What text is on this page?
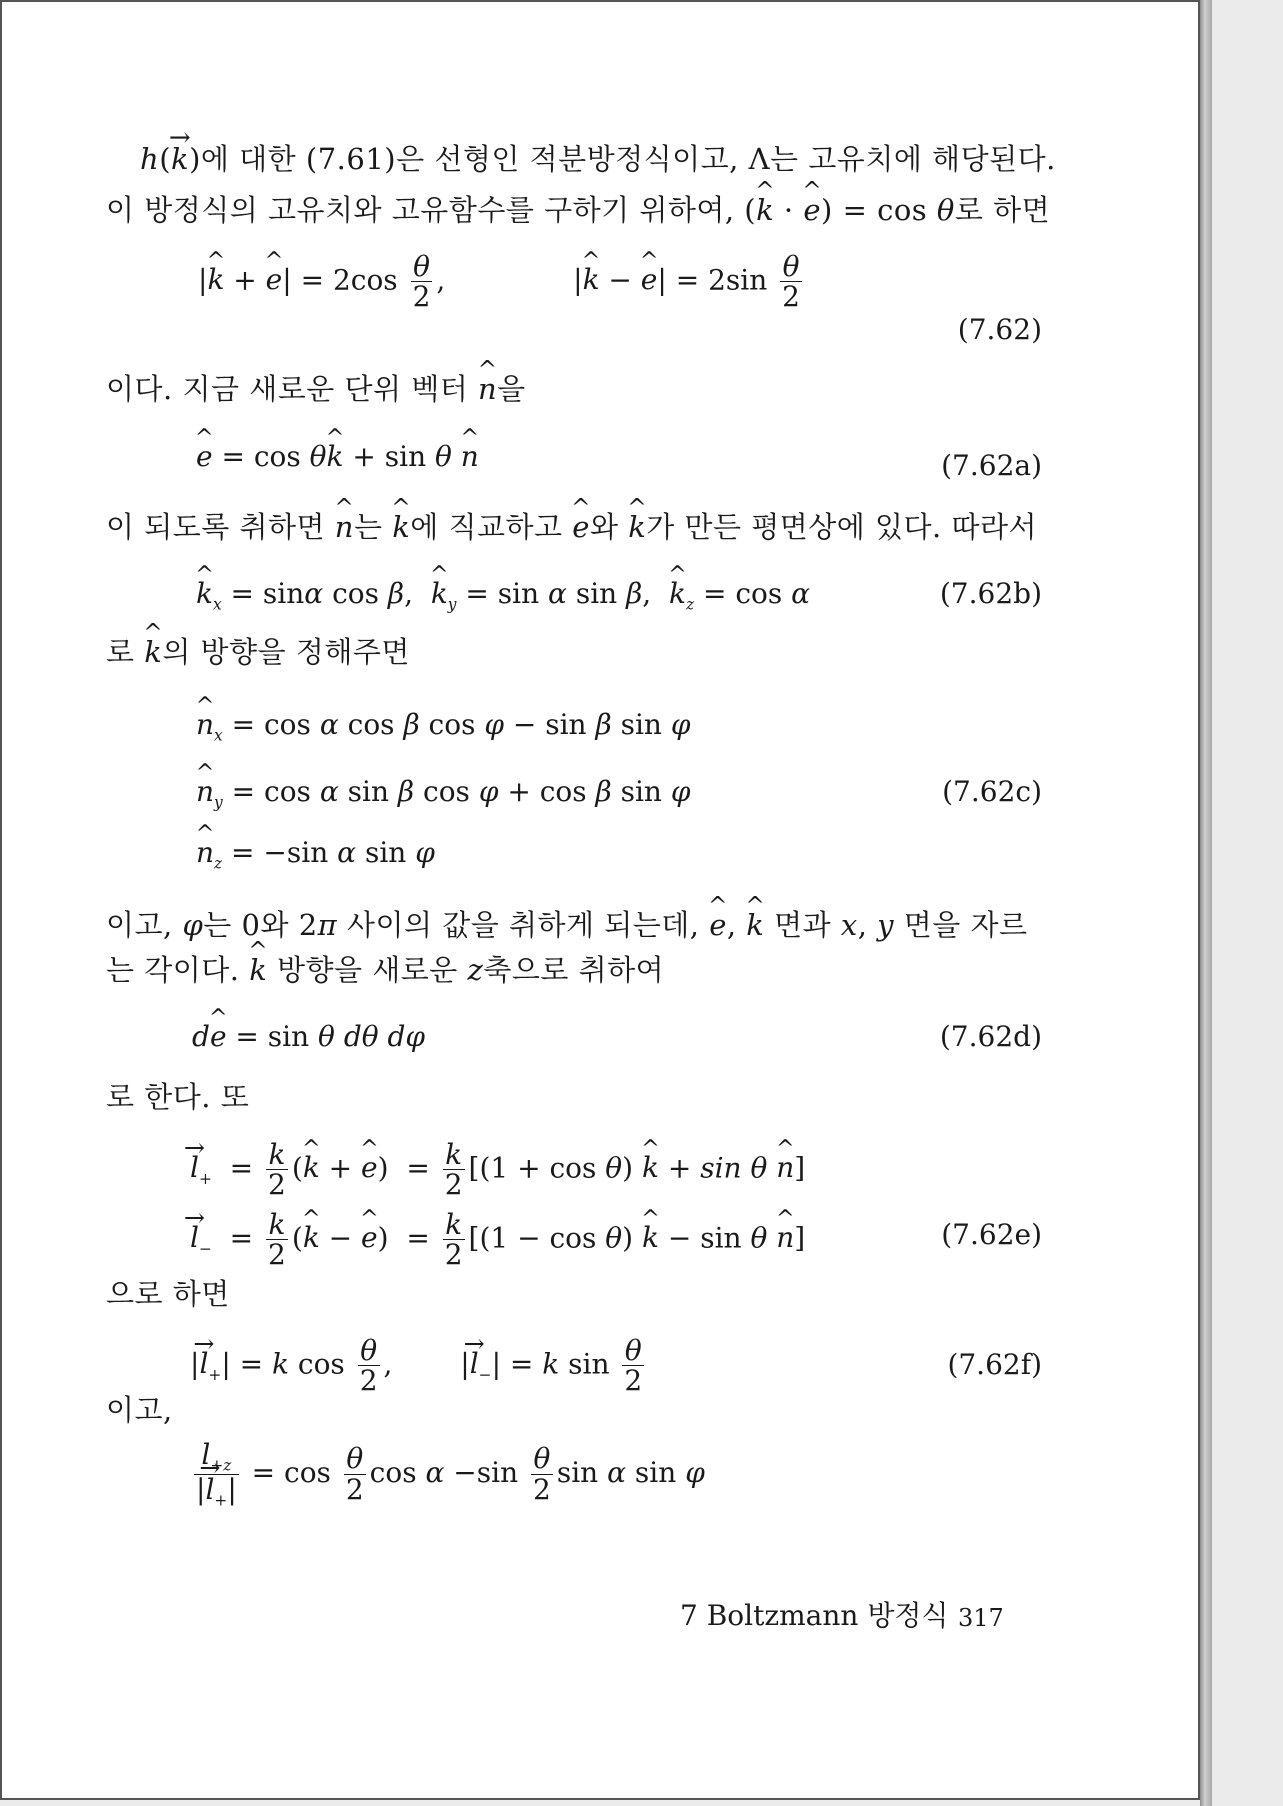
h(→ k)에 대한 (7.61)은 선형인 적분방정식이고, Λ는 고유치에 해당된다.
이 방정식의 고유치와 고유함수를 구하기 위하여, (^ k · ^ e) = cos θ로 하면
|^ k + ^ $e| = 2\cos \frac{\theta}{2}$ ,	|^ k − ^ $e| = 2\sin \frac{\theta}{2}$
(7.62)
이다. 지금 새로운 단위 벡터 ^ n을
^ e = cos θ^ k + sin θ ^ n	(7.62a)
이 되도록 취하면 ^ n는 ^ k에 직교하고 ^ e와 ^ k가 만든 평면상에 있다. 따라서
^ $k_x = \sin\alpha$ cos β,  ^ $k_y = \sin \alpha$ sin β,  ^ $k_z = \cos \alpha$	(7.62b)
로 ^ k의 방향을 정해주면
^ $n_x = \cos \alpha$ cos β cos φ − sin β sin φ
^ $n_y = \cos \alpha$ sin β cos φ + cos β sin φ	(7.62c)
^ $n_z = -\sin$ α sin φ
이고, φ는 0와 2π 사이의 값을 취하게 되는데, ^ e, ^ k 면과 x, y 면을 자르
는 각이다. ^ k 방향을 새로운 z축으로 취하여
d^ e = sin θ dθ dφ	(7.62d)
로 한다. 또
→ $l_+ = \frac{k}{2}$ (^ k + ^ $e) = \frac{k}{2} [(1 + \cos \theta)$ ^ k + sin θ ^ n]
→ $l_- = \frac{k}{2}$ (^ k − ^ $e) = \frac{k}{2} [(1 - \cos \theta)$ ^ k − sin θ ^ n]	(7.62e)
으로 하면
|→ $l_+| = k$ $\cos \frac{\theta}{2}$ ,  |→ $l_-| = k$ $\sin \frac{\theta}{2}$	(7.62f)
이고,
$\frac{l_{+z}}{|\to l_+|} = \cos \frac{\theta}{2}$ $\cos \alpha -\sin \frac{\theta}{2}$ sin α sin φ
7 Boltzmann 방정식 317
